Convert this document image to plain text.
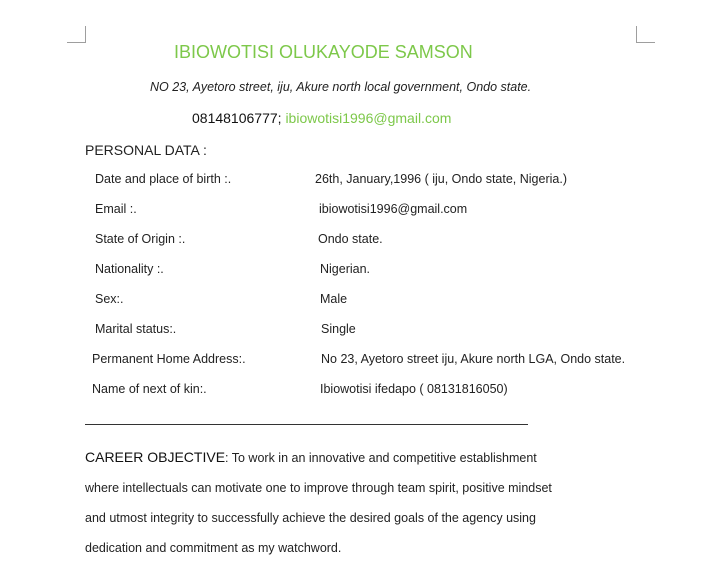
IBIOWOTISI OLUKAYODE SAMSON
NO 23, Ayetoro street, iju, Akure north local government, Ondo state.
08148106777; ibiowotisi1996@gmail.com
PERSONAL DATA :
Date and place of birth :.	26th, January,1996 ( iju, Ondo state, Nigeria.)
Email :.	ibiowotisi1996@gmail.com
State of Origin :.	Ondo state.
Nationality :.	Nigerian.
Sex:.	Male
Marital status:.	Single
Permanent Home Address:.	No 23, Ayetoro street iju, Akure north LGA, Ondo state.
Name of next of kin:.	Ibiowotisi ifedapo ( 08131816050)
CAREER OBJECTIVE: To work in an innovative and competitive establishment where intellectuals can motivate one to improve through team spirit, positive mindset and utmost integrity to successfully achieve the desired goals of the agency using dedication and commitment as my watchword.
